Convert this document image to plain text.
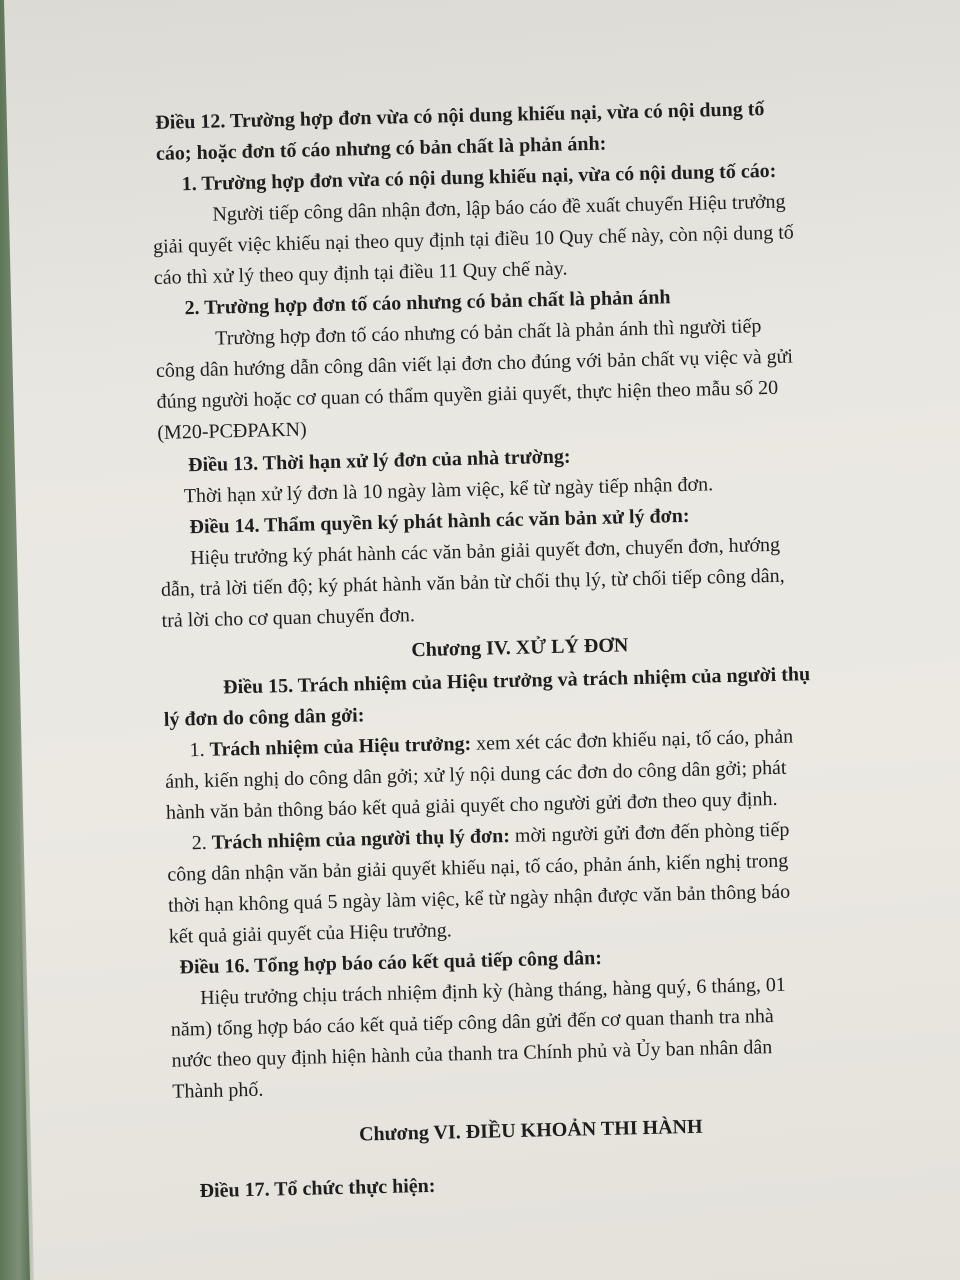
Điều 12. Trường hợp đơn vừa có nội dung khiếu nại, vừa có nội dung tố
cáo; hoặc đơn tố cáo nhưng có bản chất là phản ánh:
1. Trường hợp đơn vừa có nội dung khiếu nại, vừa có nội dung tố cáo:
Người tiếp công dân nhận đơn, lập báo cáo đề xuất chuyển Hiệu trưởng
giải quyết việc khiếu nại theo quy định tại điều 10 Quy chế này, còn nội dung tố
cáo thì xử lý theo quy định tại điều 11 Quy chế này.
2. Trường hợp đơn tố cáo nhưng có bản chất là phản ánh
Trường hợp đơn tố cáo nhưng có bản chất là phản ánh thì người tiếp
công dân hướng dẫn công dân viết lại đơn cho đúng với bản chất vụ việc và gửi
đúng người hoặc cơ quan có thẩm quyền giải quyết, thực hiện theo mẫu số 20
(M20-PCĐPAKN)
Điều 13. Thời hạn xử lý đơn của nhà trường:
Thời hạn xử lý đơn là 10 ngày làm việc, kể từ ngày tiếp nhận đơn.
Điều 14. Thẩm quyền ký phát hành các văn bản xử lý đơn:
Hiệu trưởng ký phát hành các văn bản giải quyết đơn, chuyển đơn, hướng
dẫn, trả lời tiến độ; ký phát hành văn bản từ chối thụ lý, từ chối tiếp công dân,
trả lời cho cơ quan chuyển đơn.
Chương IV. XỬ LÝ ĐƠN
Điều 15. Trách nhiệm của Hiệu trưởng và trách nhiệm của người thụ
lý đơn do công dân gởi:
1. Trách nhiệm của Hiệu trưởng: xem xét các đơn khiếu nại, tố cáo, phản
ánh, kiến nghị do công dân gởi; xử lý nội dung các đơn do công dân gởi; phát
hành văn bản thông báo kết quả giải quyết cho người gửi đơn theo quy định.
2. Trách nhiệm của người thụ lý đơn: mời người gửi đơn đến phòng tiếp
công dân nhận văn bản giải quyết khiếu nại, tố cáo, phản ánh, kiến nghị trong
thời hạn không quá 5 ngày làm việc, kể từ ngày nhận được văn bản thông báo
kết quả giải quyết của Hiệu trưởng.
Điều 16. Tổng hợp báo cáo kết quả tiếp công dân:
Hiệu trưởng chịu trách nhiệm định kỳ (hàng tháng, hàng quý, 6 tháng, 01
năm) tổng hợp báo cáo kết quả tiếp công dân gửi đến cơ quan thanh tra nhà
nước theo quy định hiện hành của thanh tra Chính phủ và Ủy ban nhân dân
Thành phố.
Chương VI. ĐIỀU KHOẢN THI HÀNH
Điều 17. Tổ chức thực hiện:
